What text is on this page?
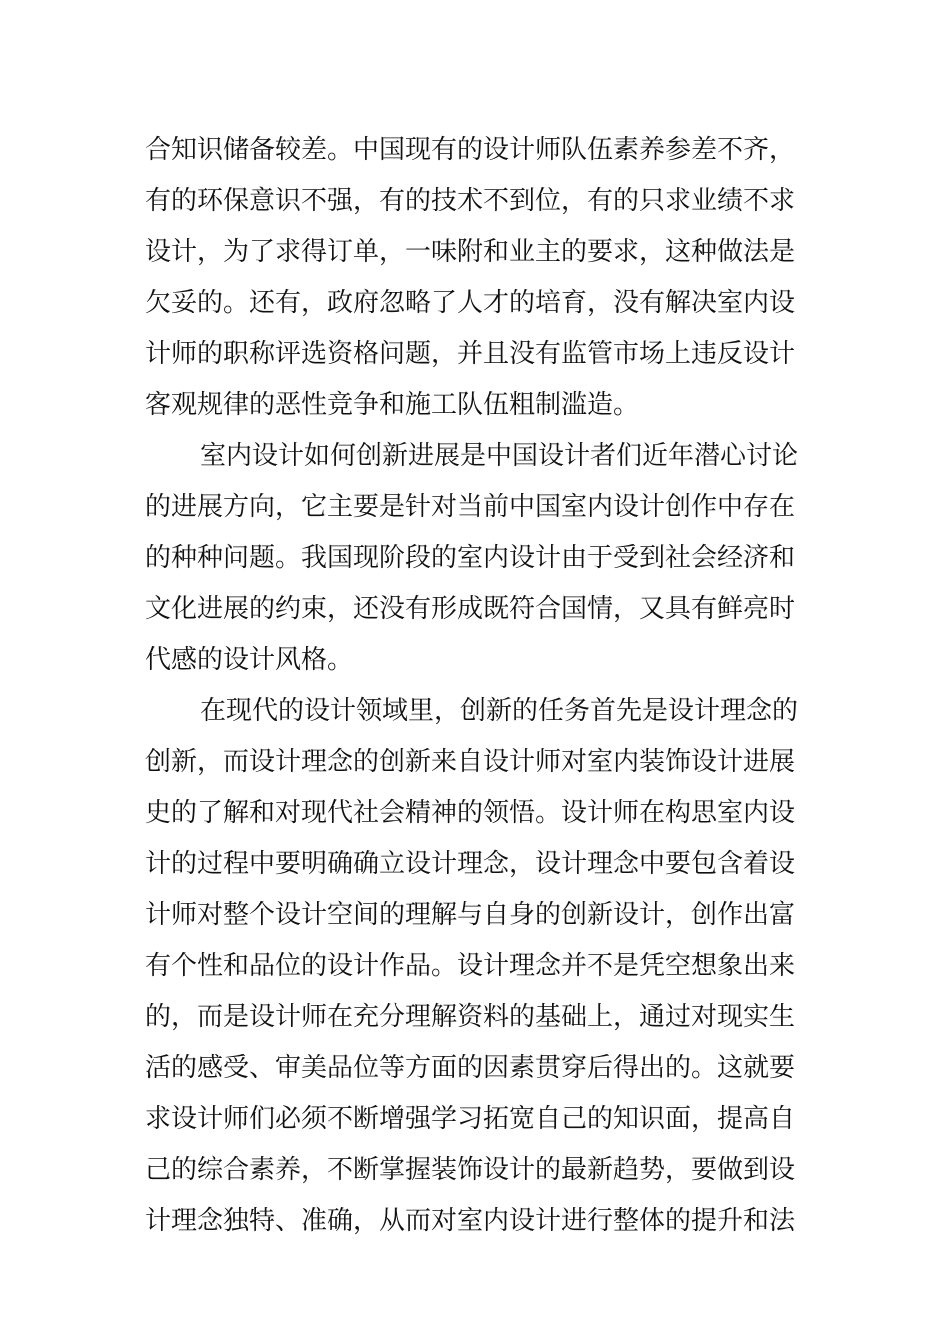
合知识储备较差。中国现有的设计师队伍素养参差不齐，
有的环保意识不强，有的技术不到位，有的只求业绩不求
设计，为了求得订单，一味附和业主的要求，这种做法是
欠妥的。还有，政府忽略了人才的培育，没有解决室内设
计师的职称评选资格问题，并且没有监管市场上违反设计
客观规律的恶性竞争和施工队伍粗制滥造。
室内设计如何创新进展是中国设计者们近年潜心讨论
的进展方向，它主要是针对当前中国室内设计创作中存在
的种种问题。我国现阶段的室内设计由于受到社会经济和
文化进展的约束，还没有形成既符合国情，又具有鲜亮时
代感的设计风格。
在现代的设计领域里，创新的任务首先是设计理念的
创新，而设计理念的创新来自设计师对室内装饰设计进展
史的了解和对现代社会精神的领悟。设计师在构思室内设
计的过程中要明确确立设计理念，设计理念中要包含着设
计师对整个设计空间的理解与自身的创新设计，创作出富
有个性和品位的设计作品。设计理念并不是凭空想象出来
的，而是设计师在充分理解资料的基础上，通过对现实生
活的感受、审美品位等方面的因素贯穿后得出的。这就要
求设计师们必须不断增强学习拓宽自己的知识面，提高自
己的综合素养，不断掌握装饰设计的最新趋势，要做到设
计理念独特、准确，从而对室内设计进行整体的提升和法
